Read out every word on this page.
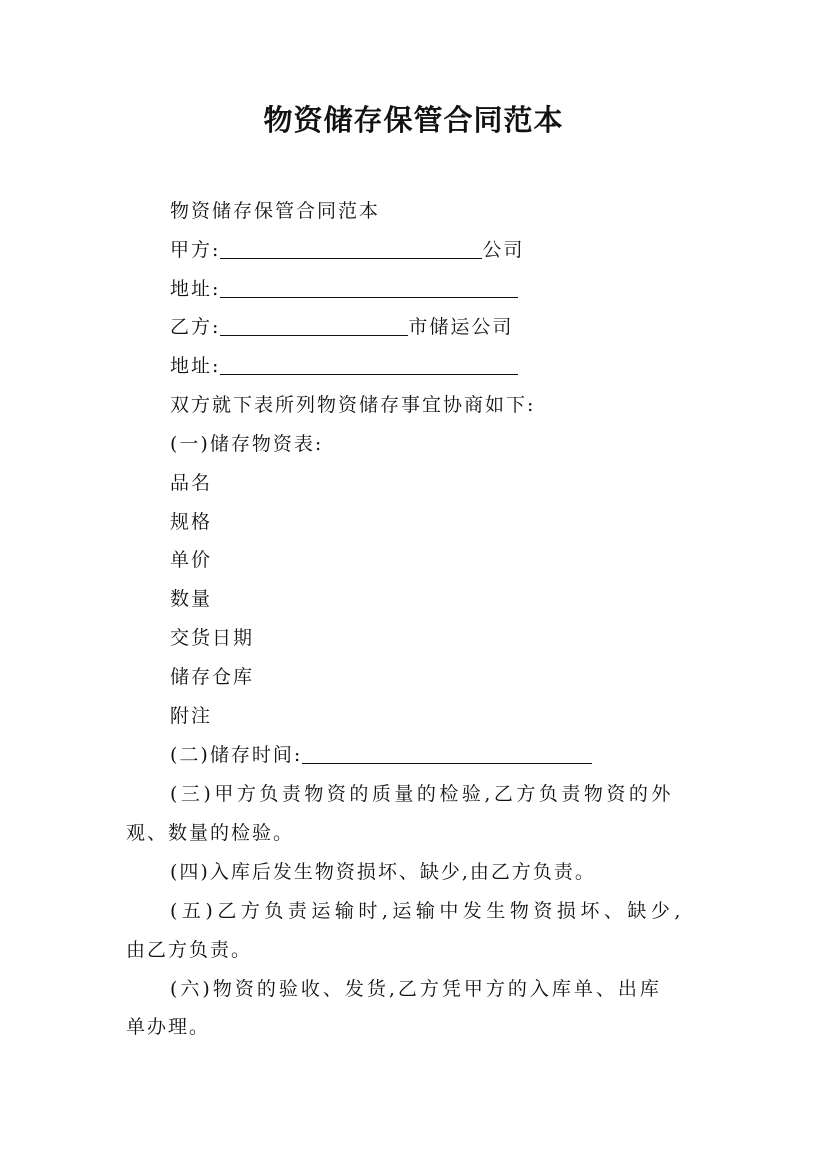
物资储存保管合同范本
物资储存保管合同范本
甲方:	公司
地址:
乙方:	市储运公司
地址:
双方就下表所列物资储存事宜协商如下:
(一)储存物资表:
品名
规格
单价
数量
交货日期
储存仓库
附注
(二)储存时间:
(三)甲方负责物资的质量的检验,乙方负责物资的外
观、数量的检验。
(四)入库后发生物资损坏、缺少,由乙方负责。
(五)乙方负责运输时,运输中发生物资损坏、缺少,
由乙方负责。
(六)物资的验收、发货,乙方凭甲方的入库单、出库
单办理。
